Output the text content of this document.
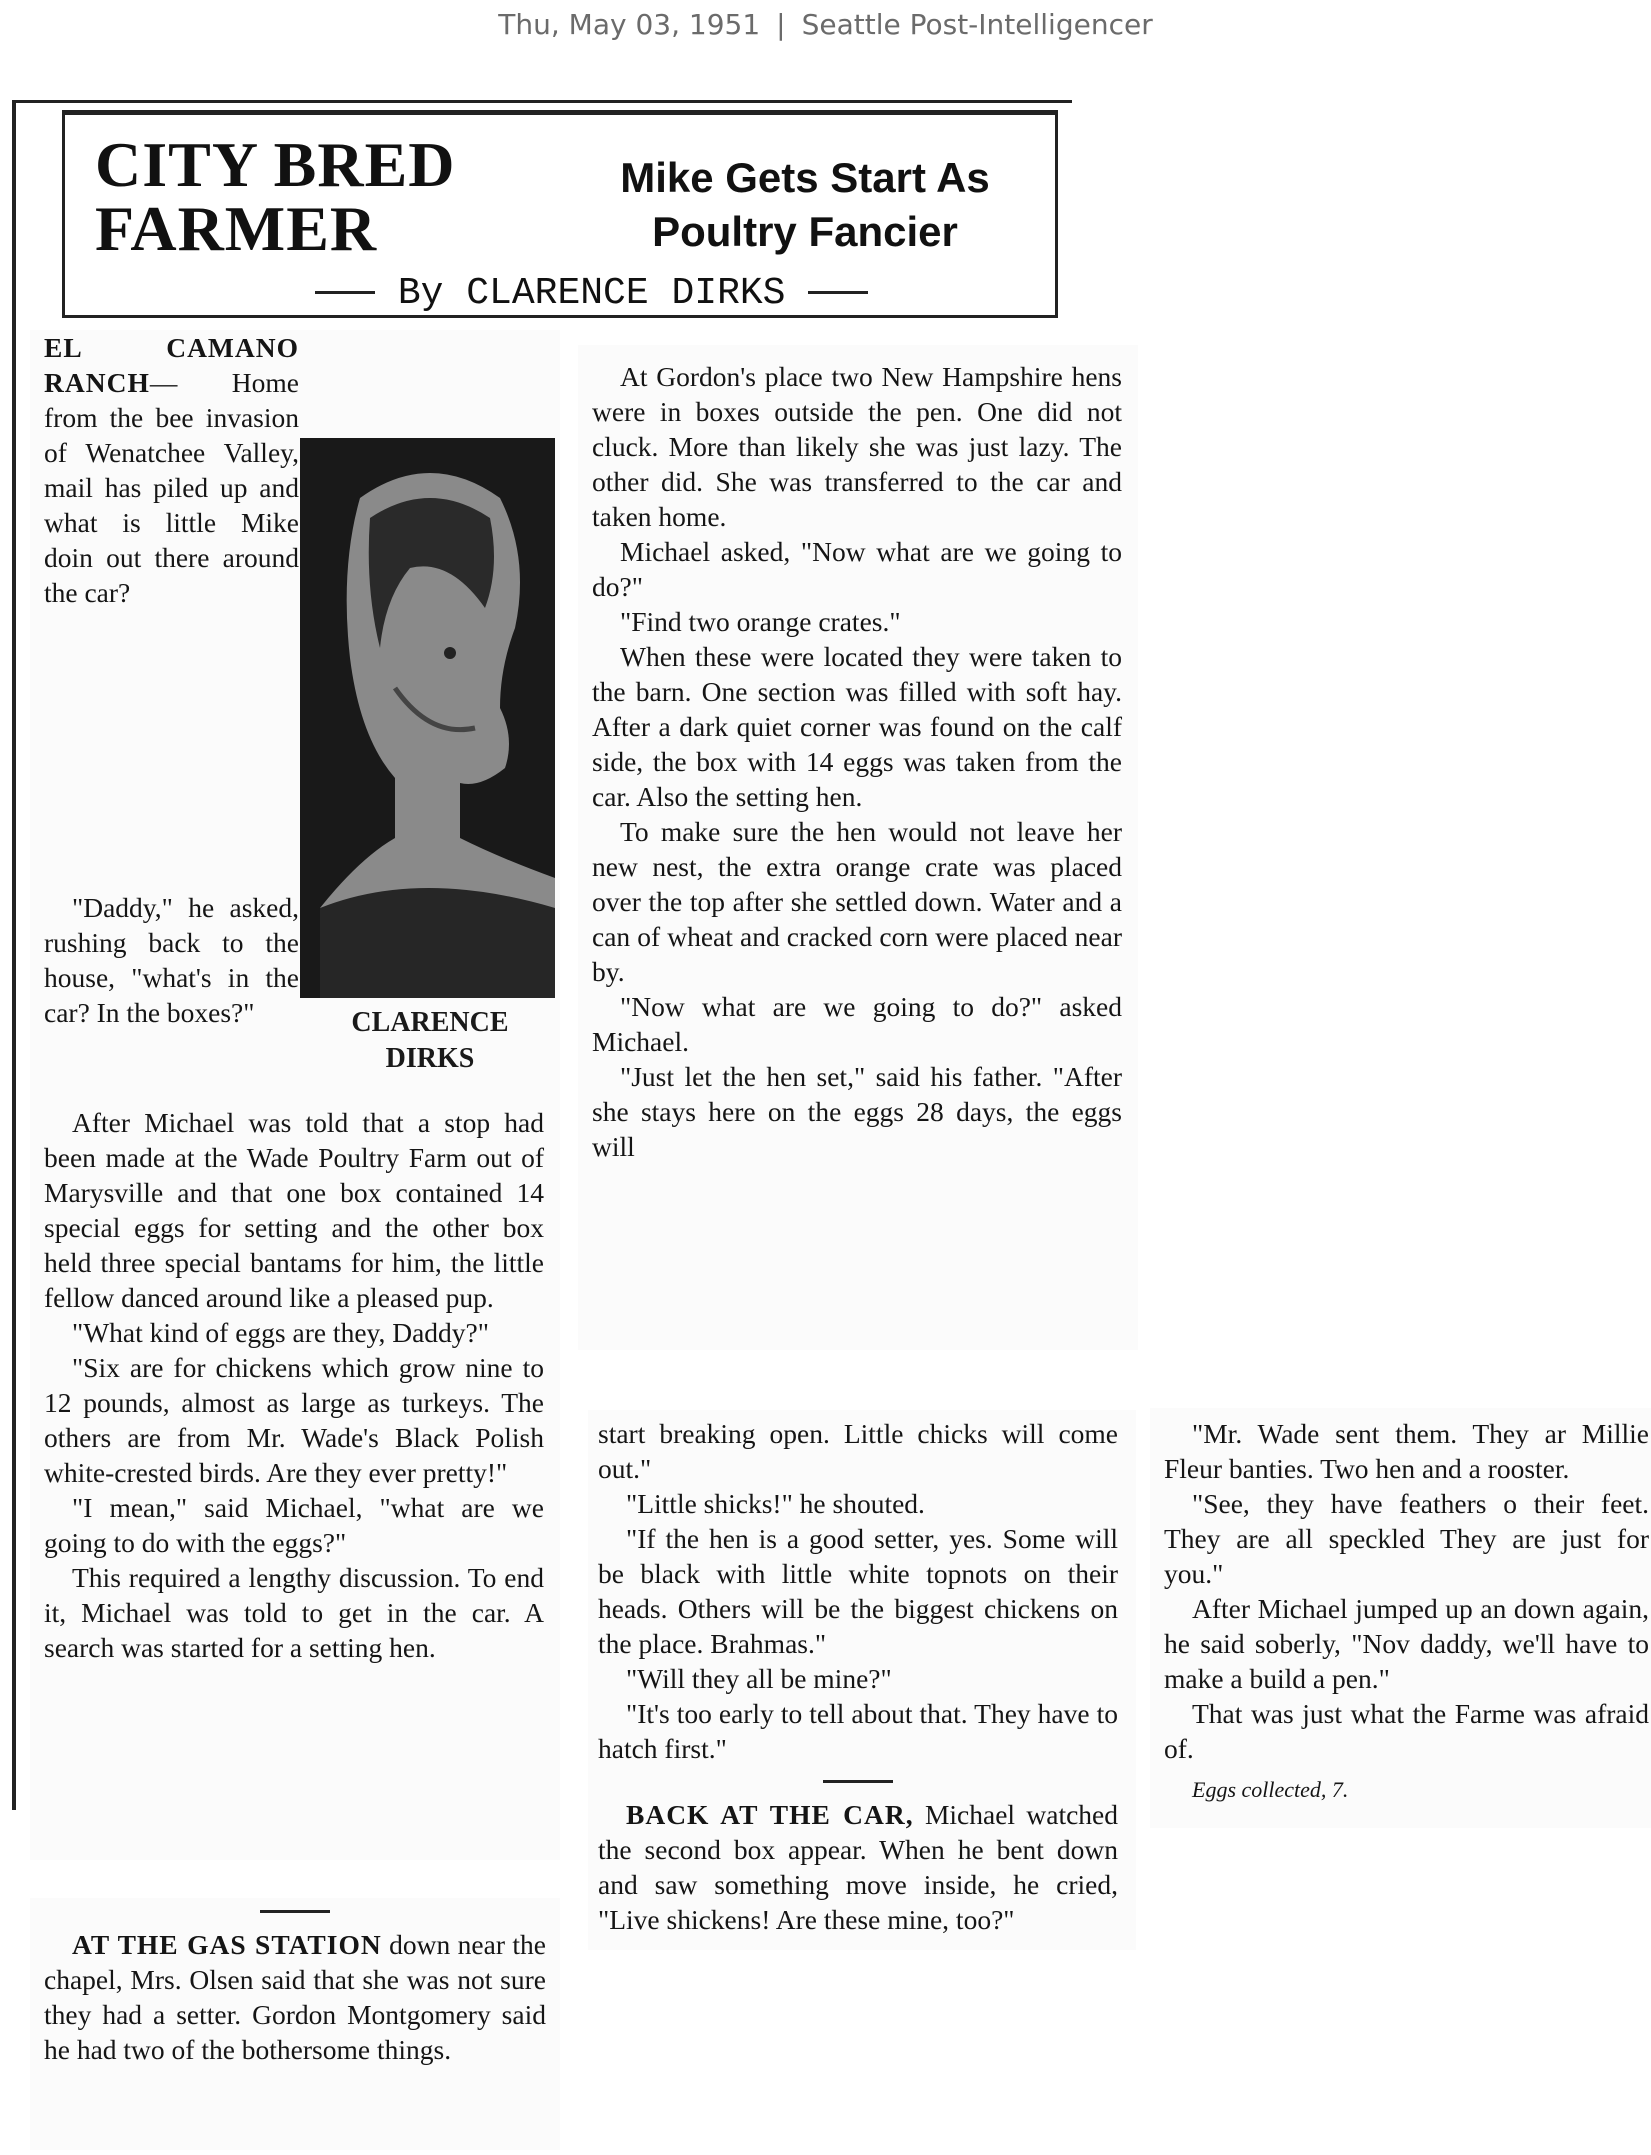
Thu, May 03, 1951 | Seattle Post-Intelligencer
CITY BRED
FARMER
Mike Gets Start As
Poultry Fancier
By CLARENCE DIRKS

EL CAMANO RANCH— Home from the bee invasion of Wenatchee Valley, mail has piled up and what is little Mike doin out there around the car?

"Daddy," he asked, rushing back to the house, "what's in the car? In the boxes?"

After Michael was told that a stop had been made at the Wade Poultry Farm out of Marysville and that one box contained 14 special eggs for setting and the other box held three special bantams for him, the little fellow danced around like a pleased pup.

"What kind of eggs are they, Daddy?"

"Six are for chickens which grow nine to 12 pounds, almost as large as turkeys. The others are from Mr. Wade's Black Polish white-crested birds. Are they ever pretty!"

"I mean," said Michael, "what are we going to do with the eggs?"

This required a lengthy discussion. To end it, Michael was told to get in the car. A search was started for a setting hen.

CLARENCE
DIRKS

AT THE GAS STATION down near the chapel, Mrs. Olsen said that she was not sure they had a setter. Gordon Montgomery said he had two of the bothersome things.

At Gordon's place two New Hampshire hens were in boxes outside the pen. One did not cluck. More than likely she was just lazy. The other did. She was transferred to the car and taken home.

Michael asked, "Now what are we going to do?"

"Find two orange crates."

When these were located they were taken to the barn. One section was filled with soft hay. After a dark quiet corner was found on the calf side, the box with 14 eggs was taken from the car. Also the setting hen.

To make sure the hen would not leave her new nest, the extra orange crate was placed over the top after she settled down. Water and a can of wheat and cracked corn were placed near by.

"Now what are we going to do?" asked Michael.

"Just let the hen set," said his father. "After she stays here on the eggs 28 days, the eggs will

start breaking open. Little chicks will come out."

"Little shicks!" he shouted.

"If the hen is a good setter, yes. Some will be black with little white topnots on their heads. Others will be the biggest chickens on the place. Brahmas."

"Will they all be mine?"

"It's too early to tell about that. They have to hatch first."

BACK AT THE CAR, Michael watched the second box appear. When he bent down and saw something move inside, he cried, "Live shickens! Are these mine, too?"

"Mr. Wade sent them. They ar Millie Fleur banties. Two hen and a rooster.

"See, they have feathers o their feet. They are all speckled They are just for you."

After Michael jumped up an down again, he said soberly, "Nov daddy, we'll have to make a build a pen."

That was just what the Farme was afraid of.

Eggs collected, 7.
